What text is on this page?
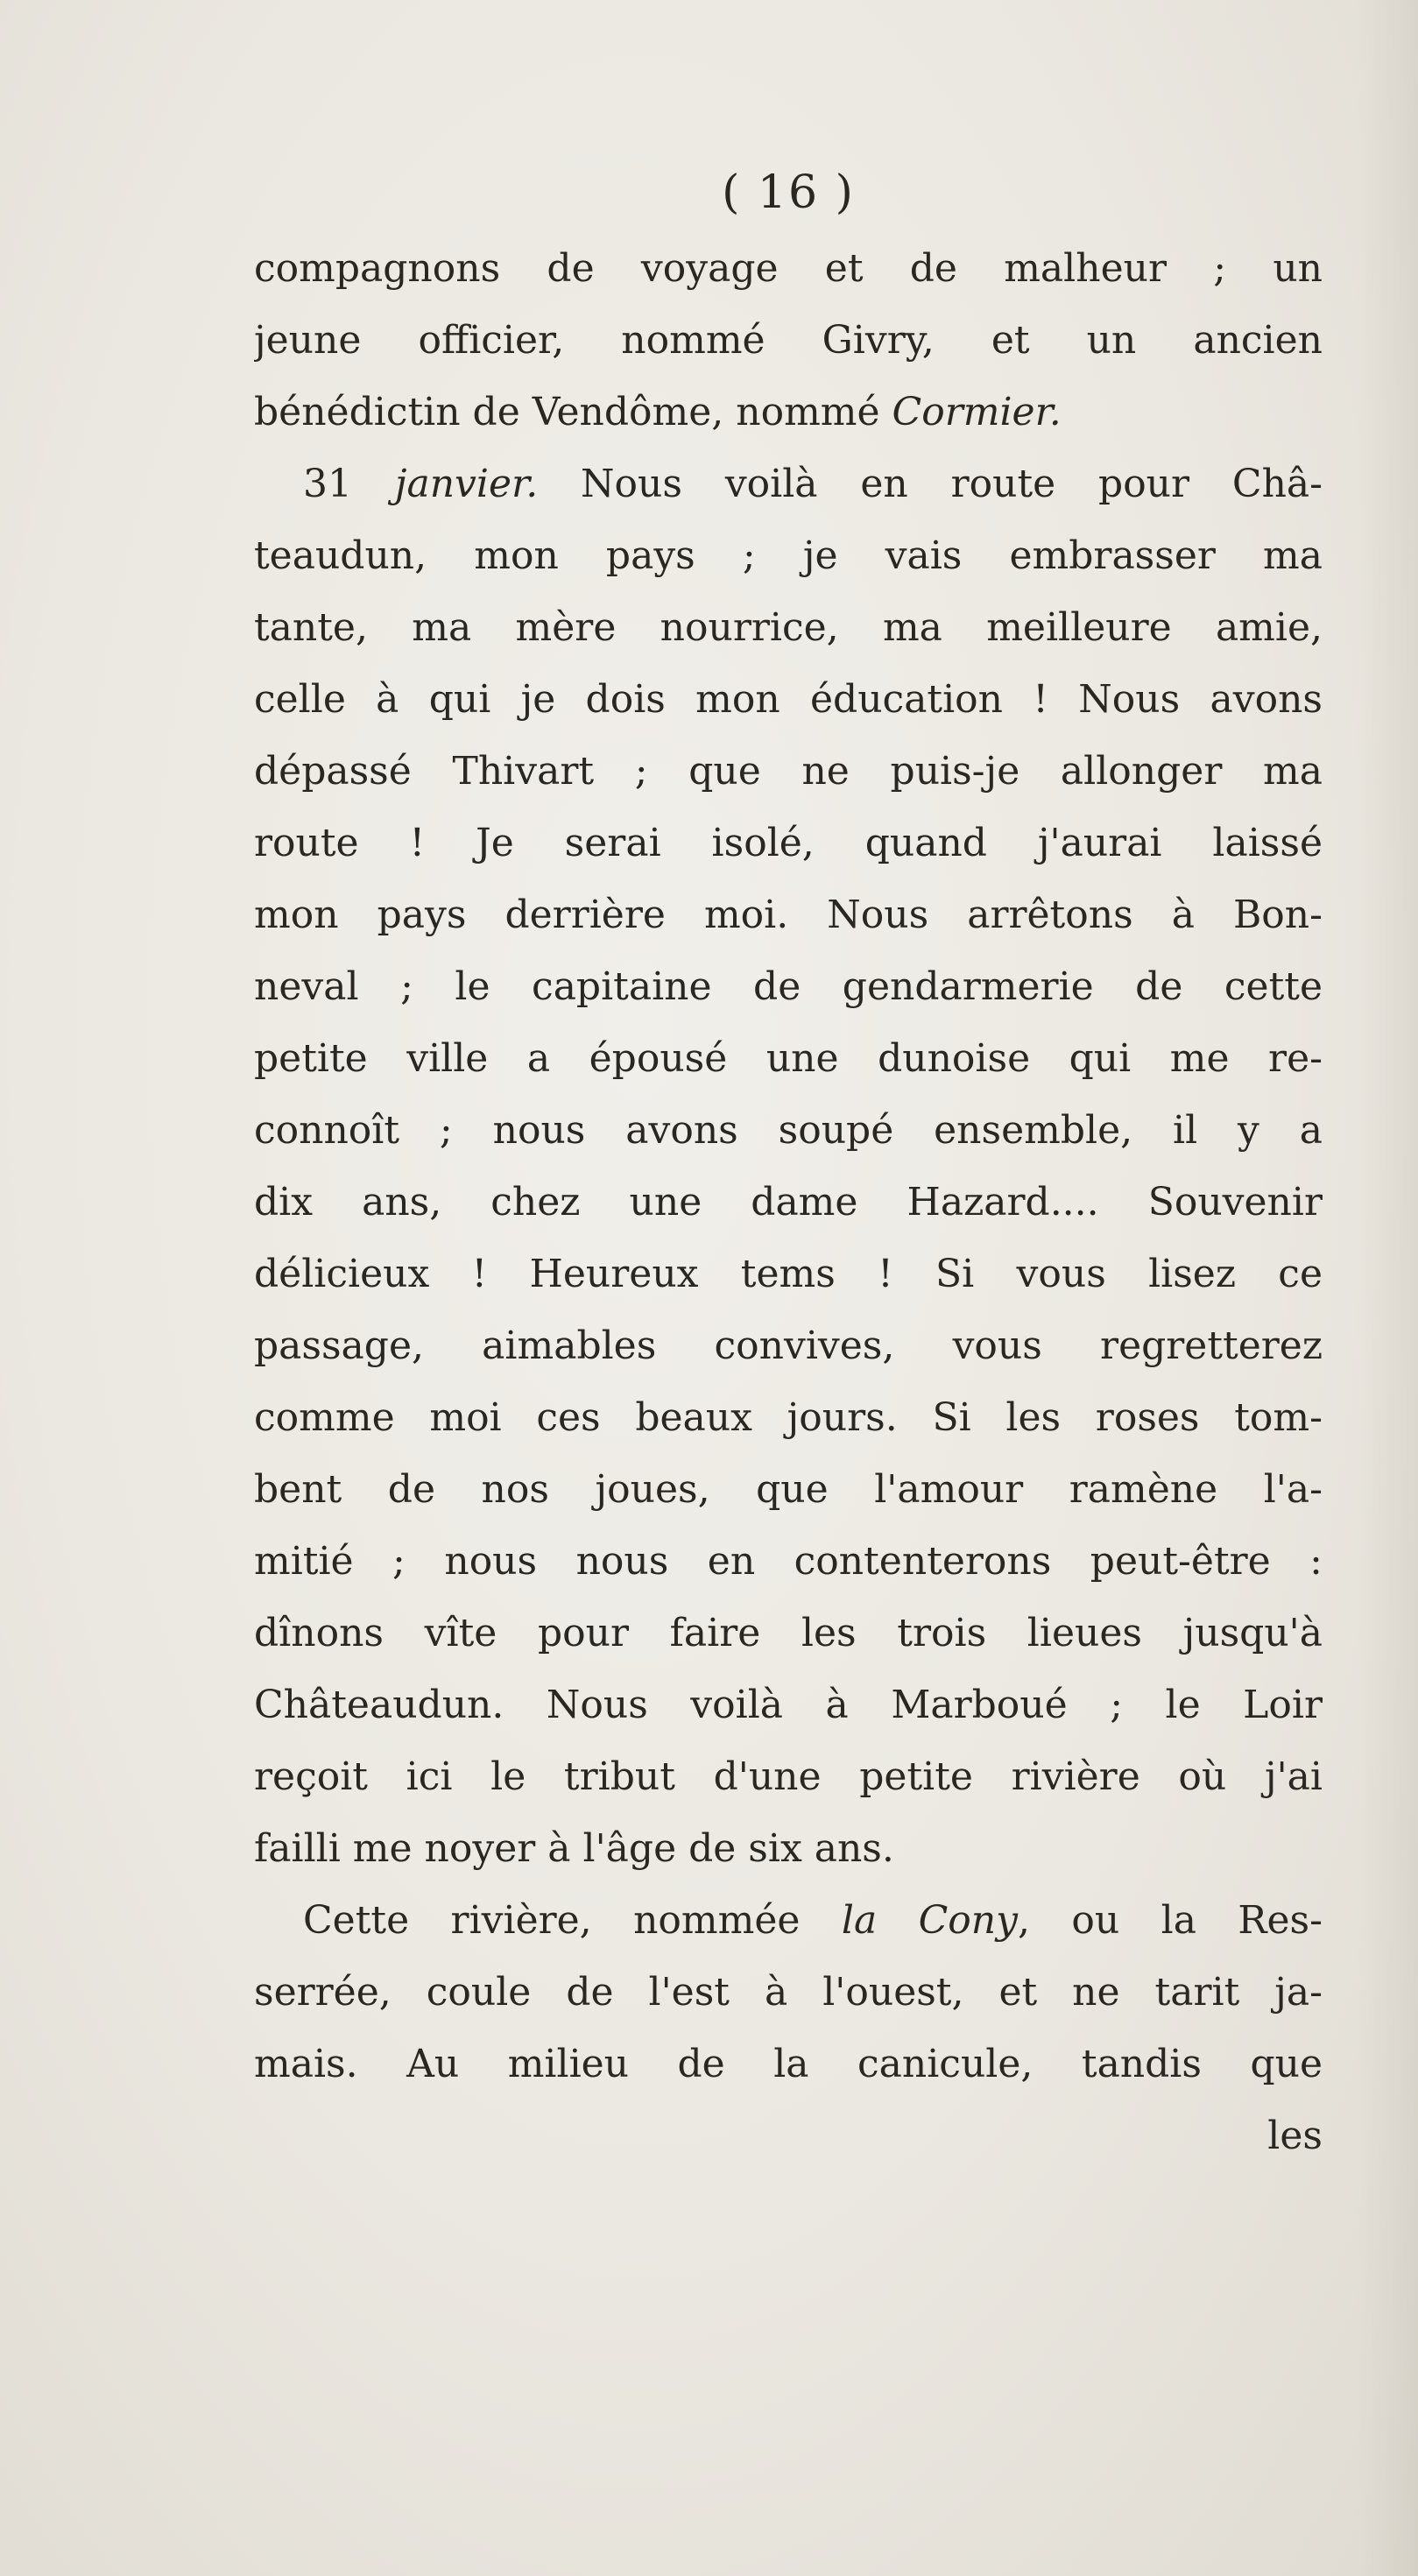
( 16 )
compagnons de voyage et de malheur ; un
jeune officier, nommé Givry, et un ancien
bénédictin de Vendôme, nommé Cormier.
31 janvier. Nous voilà en route pour Châ-
teaudun, mon pays ; je vais embrasser ma
tante, ma mère nourrice, ma meilleure amie,
celle à qui je dois mon éducation ! Nous avons
dépassé Thivart ; que ne puis-je allonger ma
route ! Je serai isolé, quand j'aurai laissé
mon pays derrière moi. Nous arrêtons à Bon-
neval ; le capitaine de gendarmerie de cette
petite ville a épousé une dunoise qui me re-
connoît ; nous avons soupé ensemble, il y a
dix ans, chez une dame Hazard.... Souvenir
délicieux ! Heureux tems ! Si vous lisez ce
passage, aimables convives, vous regretterez
comme moi ces beaux jours. Si les roses tom-
bent de nos joues, que l'amour ramène l'a-
mitié ; nous nous en contenterons peut-être :
dînons vîte pour faire les trois lieues jusqu'à
Châteaudun. Nous voilà à Marboué ; le Loir
reçoit ici le tribut d'une petite rivière où j'ai
failli me noyer à l'âge de six ans.
Cette rivière, nommée la Cony, ou la Res-
serrée, coule de l'est à l'ouest, et ne tarit ja-
mais. Au milieu de la canicule, tandis que
les
